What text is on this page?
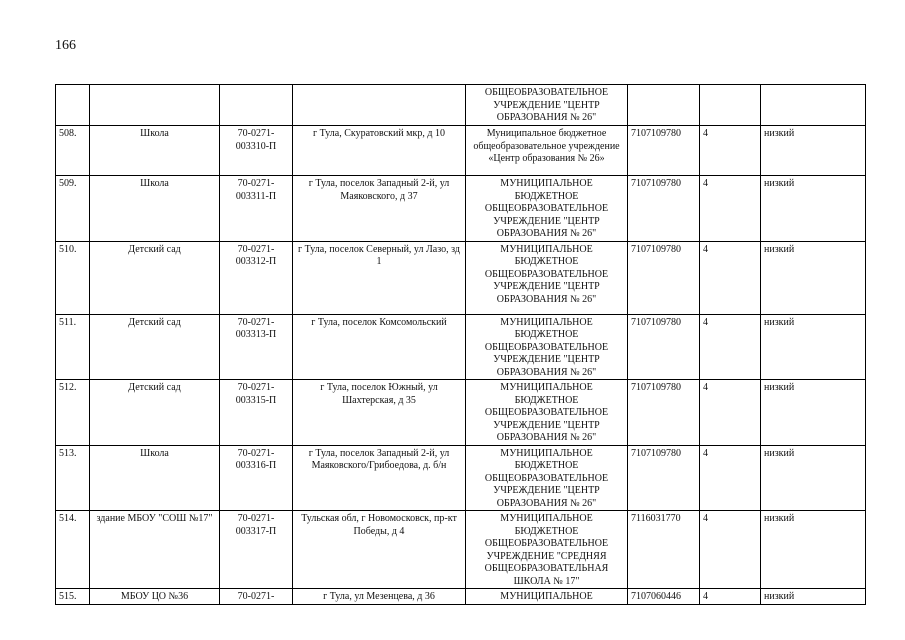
166
				ОБЩЕОБРАЗОВАТЕЛЬНОЕ УЧРЕЖДЕНИЕ "ЦЕНТР ОБРАЗОВАНИЯ № 26"			
508.	Школа	70-0271-003310-П	г Тула, Скуратовский мкр, д 10	Муниципальное бюджетное общеобразовательное учреждение «Центр образования № 26»	7107109780	4	низкий
509.	Школа	70-0271-003311-П	г Тула, поселок Западный 2-й, ул Маяковского, д 37	МУНИЦИПАЛЬНОЕ БЮДЖЕТНОЕ ОБЩЕОБРАЗОВАТЕЛЬНОЕ УЧРЕЖДЕНИЕ "ЦЕНТР ОБРАЗОВАНИЯ № 26"	7107109780	4	низкий
510.	Детский сад	70-0271-003312-П	г Тула, поселок Северный, ул Лазо, зд 1	МУНИЦИПАЛЬНОЕ БЮДЖЕТНОЕ ОБЩЕОБРАЗОВАТЕЛЬНОЕ УЧРЕЖДЕНИЕ "ЦЕНТР ОБРАЗОВАНИЯ № 26"	7107109780	4	низкий
511.	Детский сад	70-0271-003313-П	г Тула, поселок Комсомольский	МУНИЦИПАЛЬНОЕ БЮДЖЕТНОЕ ОБЩЕОБРАЗОВАТЕЛЬНОЕ УЧРЕЖДЕНИЕ "ЦЕНТР ОБРАЗОВАНИЯ № 26"	7107109780	4	низкий
512.	Детский сад	70-0271-003315-П	г Тула, поселок Южный, ул Шахтерская, д 35	МУНИЦИПАЛЬНОЕ БЮДЖЕТНОЕ ОБЩЕОБРАЗОВАТЕЛЬНОЕ УЧРЕЖДЕНИЕ "ЦЕНТР ОБРАЗОВАНИЯ № 26"	7107109780	4	низкий
513.	Школа	70-0271-003316-П	г Тула, поселок Западный 2-й, ул Маяковского/Грибоедова, д. б/н	МУНИЦИПАЛЬНОЕ БЮДЖЕТНОЕ ОБЩЕОБРАЗОВАТЕЛЬНОЕ УЧРЕЖДЕНИЕ "ЦЕНТР ОБРАЗОВАНИЯ № 26"	7107109780	4	низкий
514.	здание МБОУ "СОШ №17"	70-0271-003317-П	Тульская обл, г Новомосковск, пр-кт Победы, д 4	МУНИЦИПАЛЬНОЕ БЮДЖЕТНОЕ ОБЩЕОБРАЗОВАТЕЛЬНОЕ УЧРЕЖДЕНИЕ "СРЕДНЯЯ ОБЩЕОБРАЗОВАТЕЛЬНАЯ ШКОЛА № 17"	7116031770	4	низкий
515.	МБОУ ЦО №36	70-0271-	г Тула, ул Мезенцева, д 36	МУНИЦИПАЛЬНОЕ	7107060446	4	низкий
